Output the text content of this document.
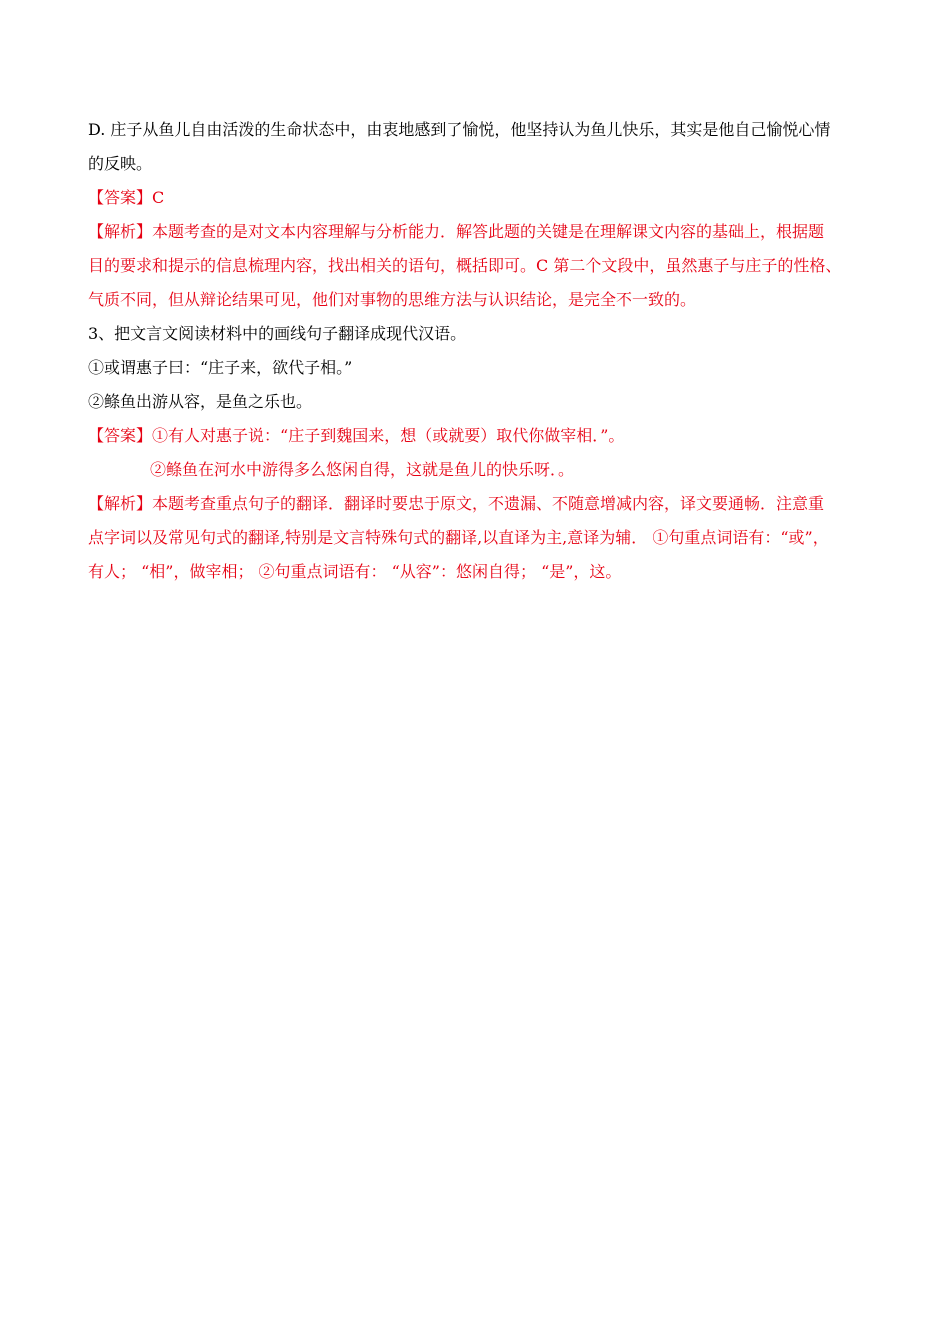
D. 庄子从鱼儿自由活泼的生命状态中，由衷地感到了愉悦，他坚持认为鱼儿快乐，其实是他自己愉悦心情
的反映。
【答案】C
【解析】本题考查的是对文本内容理解与分析能力．解答此题的关键是在理解课文内容的基础上，根据题
目的要求和提示的信息梳理内容，找出相关的语句，概括即可。C 第二个文段中，虽然惠子与庄子的性格、
气质不同，但从辩论结果可见，他们对事物的思维方法与认识结论，是完全不一致的。
3、把文言文阅读材料中的画线句子翻译成现代汉语。
①或谓惠子曰：“庄子来，欲代子相。”
②鲦鱼出游从容，是鱼之乐也。
【答案】①有人对惠子说：“庄子到魏国来，想（或就要）取代你做宰相．”。
②鲦鱼在河水中游得多么悠闲自得，这就是鱼儿的快乐呀．。
【解析】本题考查重点句子的翻译．翻译时要忠于原文，不遗漏、不随意增减内容，译文要通畅．注意重
点字词以及常见句式的翻译,特别是文言特殊句式的翻译,以直译为主,意译为辅． ①句重点词语有：“或”，
有人； “相”，做宰相； ②句重点词语有： “从容”：悠闲自得； “是”，这。
